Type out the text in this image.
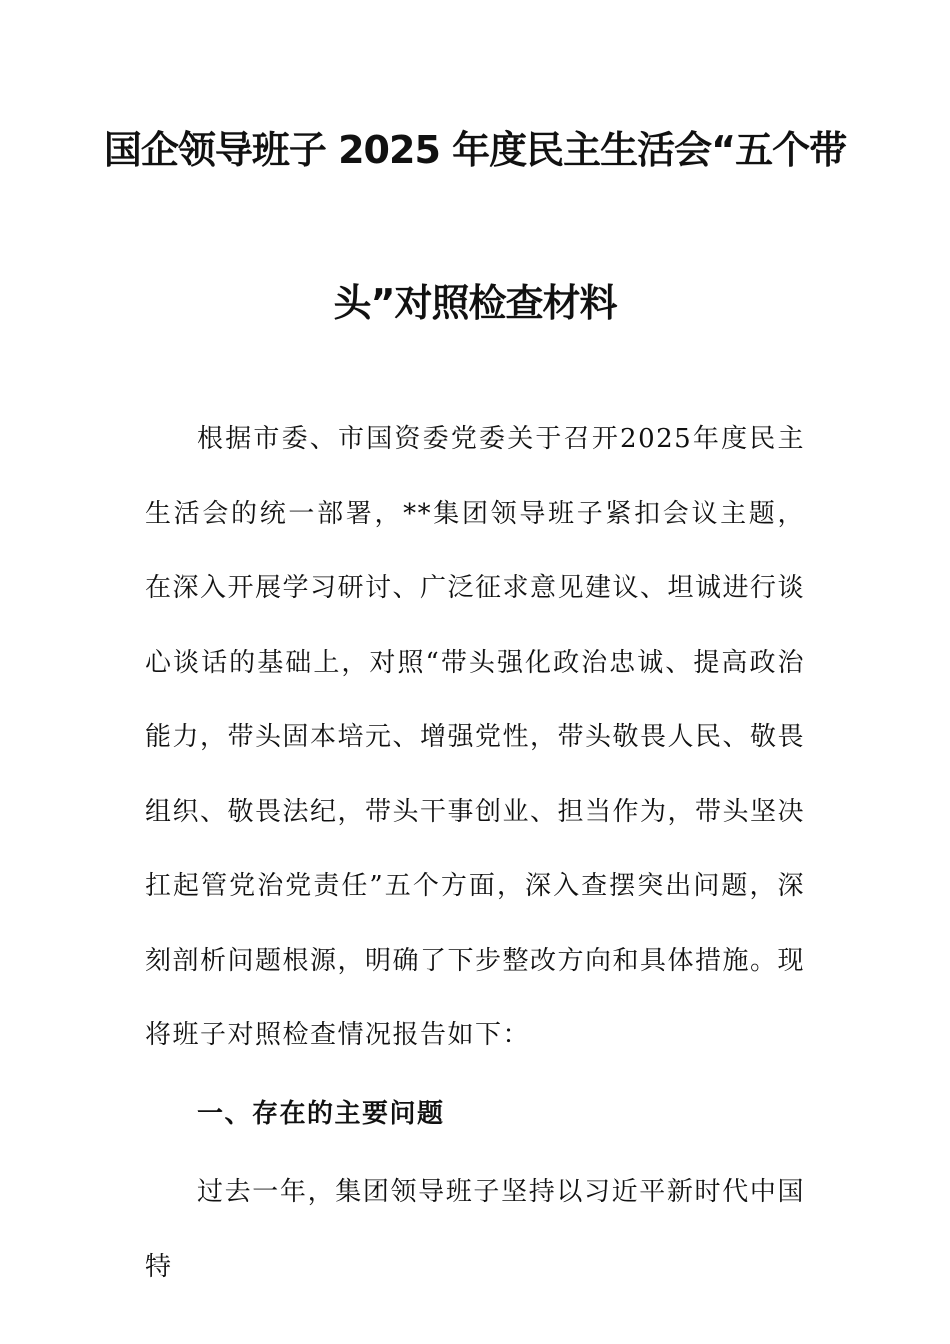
国企领导班子 2025 年度民主生活会“五个带
头”对照检查材料
根据市委、市国资委党委关于召开2025年度民主生活会的统一部署，**集团领导班子紧扣会议主题，在深入开展学习研讨、广泛征求意见建议、坦诚进行谈心谈话的基础上，对照“带头强化政治忠诚、提高政治能力，带头固本培元、增强党性，带头敬畏人民、敬畏组织、敬畏法纪，带头干事创业、担当作为，带头坚决扛起管党治党责任”五个方面，深入查摆突出问题，深刻剖析问题根源，明确了下步整改方向和具体措施。现将班子对照检查情况报告如下：
一、存在的主要问题
过去一年，集团领导班子坚持以习近平新时代中国特
